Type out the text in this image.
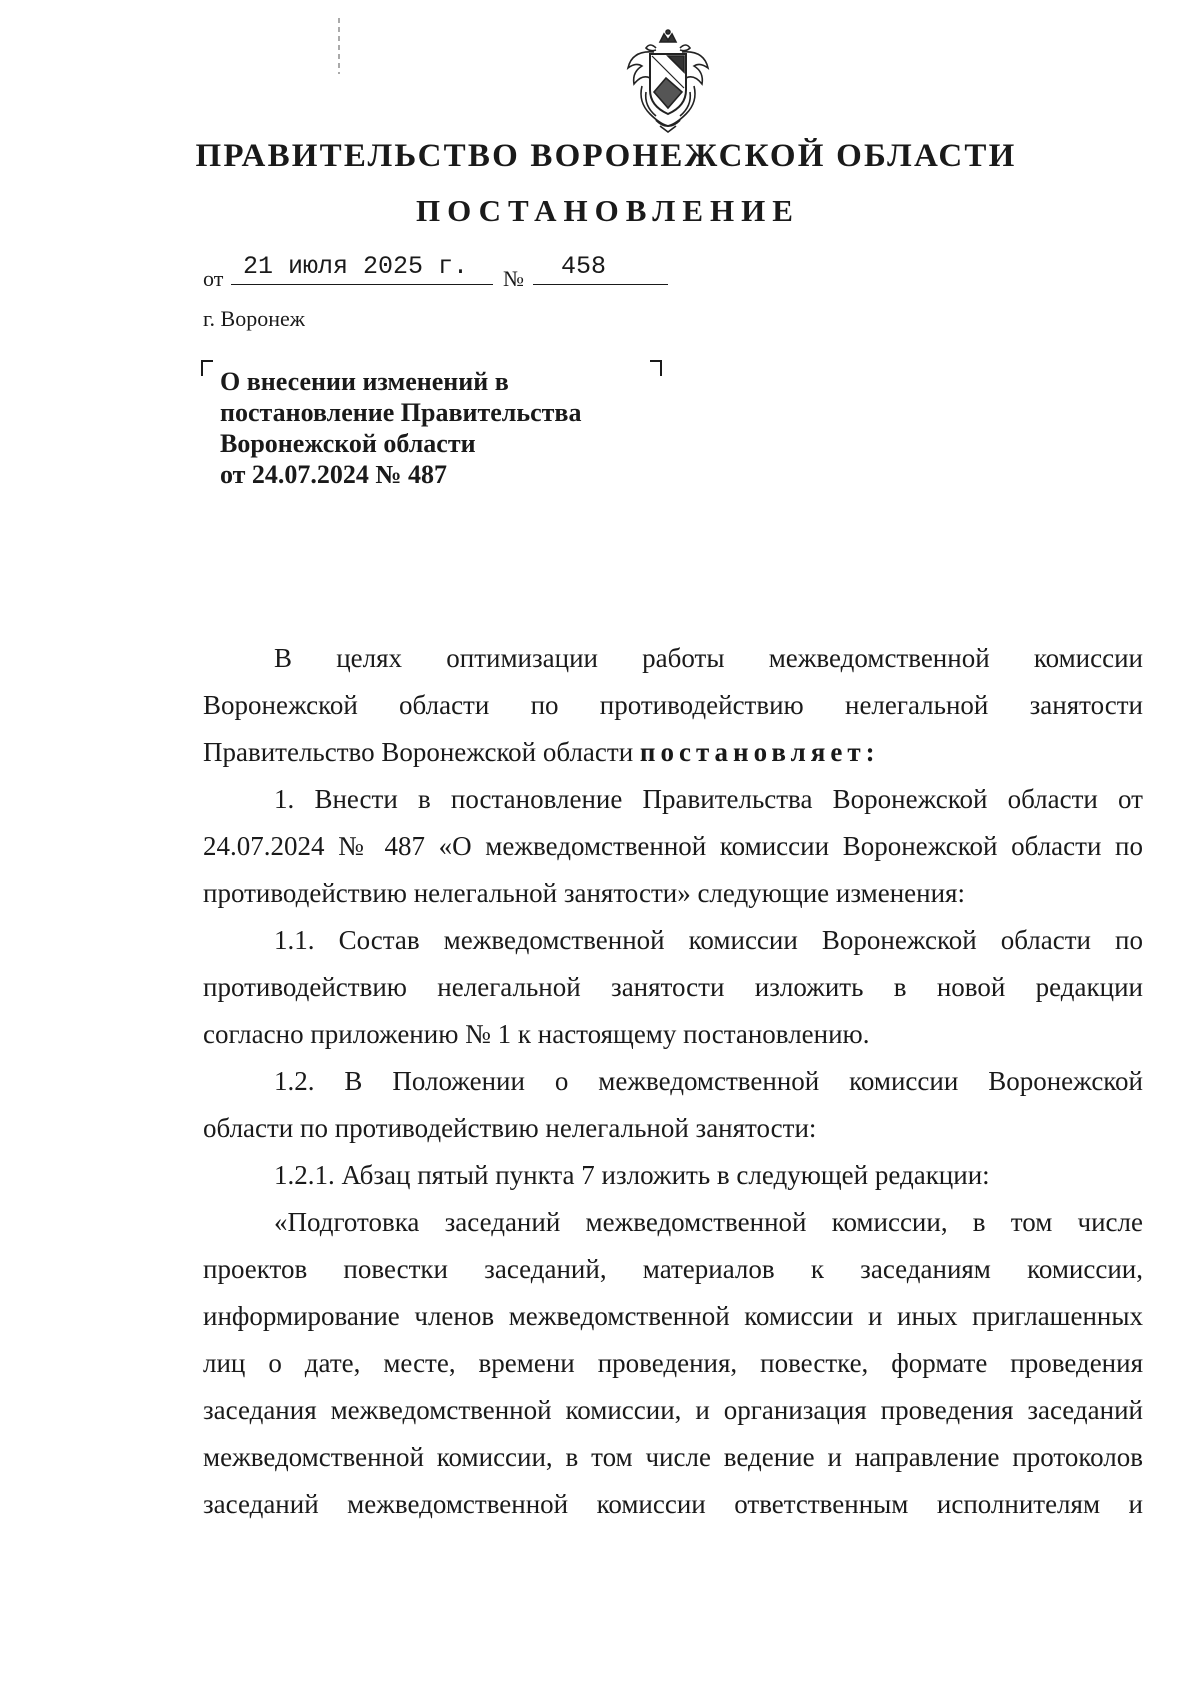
ПРАВИТЕЛЬСТВО ВОРОНЕЖСКОЙ ОБЛАСТИ
ПОСТАНОВЛЕНИЕ
от 21 июля 2025 г.	№	458
г. Воронеж
О внесении изменений в
постановление Правительства
Воронежской области
от 24.07.2024 № 487
В целях оптимизации работы межведомственной комиссии
Воронежской области по противодействию нелегальной занятости
Правительство Воронежской области постановляет:
1. Внести в постановление Правительства Воронежской области от
24.07.2024 № 487 «О межведомственной комиссии Воронежской области по
противодействию нелегальной занятости» следующие изменения:
1.1. Состав межведомственной комиссии Воронежской области по
противодействию нелегальной занятости изложить в новой редакции
согласно приложению № 1 к настоящему постановлению.
1.2. В Положении о межведомственной комиссии Воронежской
области по противодействию нелегальной занятости:
1.2.1. Абзац пятый пункта 7 изложить в следующей редакции:
«Подготовка заседаний межведомственной комиссии, в том числе
проектов повестки заседаний, материалов к заседаниям комиссии,
информирование членов межведомственной комиссии и иных приглашенных
лиц о дате, месте, времени проведения, повестке, формате проведения
заседания межведомственной комиссии, и организация проведения заседаний
межведомственной комиссии, в том числе ведение и направление протоколов
заседаний межведомственной комиссии ответственным исполнителям и
